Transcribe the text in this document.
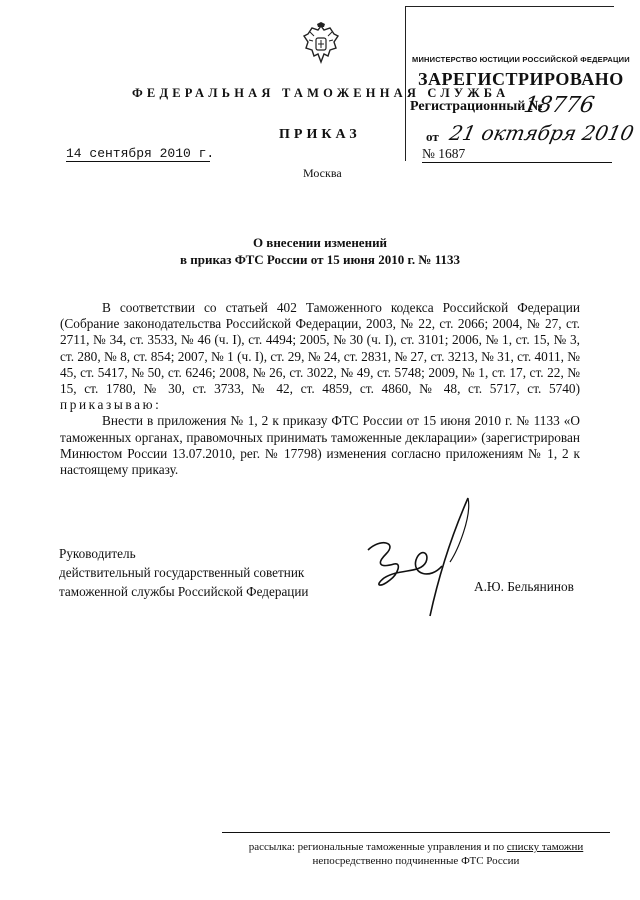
ФЕДЕРАЛЬНАЯ ТАМОЖЕННАЯ СЛУЖБА
МИНИСТЕРСТВО ЮСТИЦИИ РОССИЙСКОЙ ФЕДЕРАЦИИ
ЗАРЕГИСТРИРОВАНО
Регистрационный №
18776
от 21 октября 2010
ПРИКАЗ
14 сентября 2010 г.	№ 1687
Москва
О внесении изменений
в приказ ФТС России от 15 июня 2010 г. № 1133

В соответствии со статьей 402 Таможенного кодекса Российской Федерации (Собрание законодательства Российской Федерации, 2003, № 22, ст. 2066; 2004, № 27, ст. 2711, № 34, ст. 3533, № 46 (ч. I), ст. 4494; 2005, № 30 (ч. I), ст. 3101; 2006, № 1, ст. 15, № 3, ст. 280, № 8, ст. 854; 2007, № 1 (ч. I), ст. 29, № 24, ст. 2831, № 27, ст. 3213, № 31, ст. 4011, № 45, ст. 5417, № 50, ст. 6246; 2008, № 26, ст. 3022, № 49, ст. 5748; 2009, № 1, ст. 17, ст. 22, № 15, ст. 1780, № 30, ст. 3733, № 42, ст. 4859, ст. 4860, № 48, ст. 5717, ст. 5740) приказываю:

Внести в приложения № 1, 2 к приказу ФТС России от 15 июня 2010 г. № 1133 «О таможенных органах, правомочных принимать таможенные декларации» (зарегистрирован Минюстом России 13.07.2010, рег. № 17798) изменения согласно приложениям № 1, 2 к настоящему приказу.

Руководитель
действительный государственный советник
таможенной службы Российской Федерации	А.Ю. Бельянинов
рассылка: региональные таможенные управления и по списку таможни
непосредственно подчиненные ФТС России
